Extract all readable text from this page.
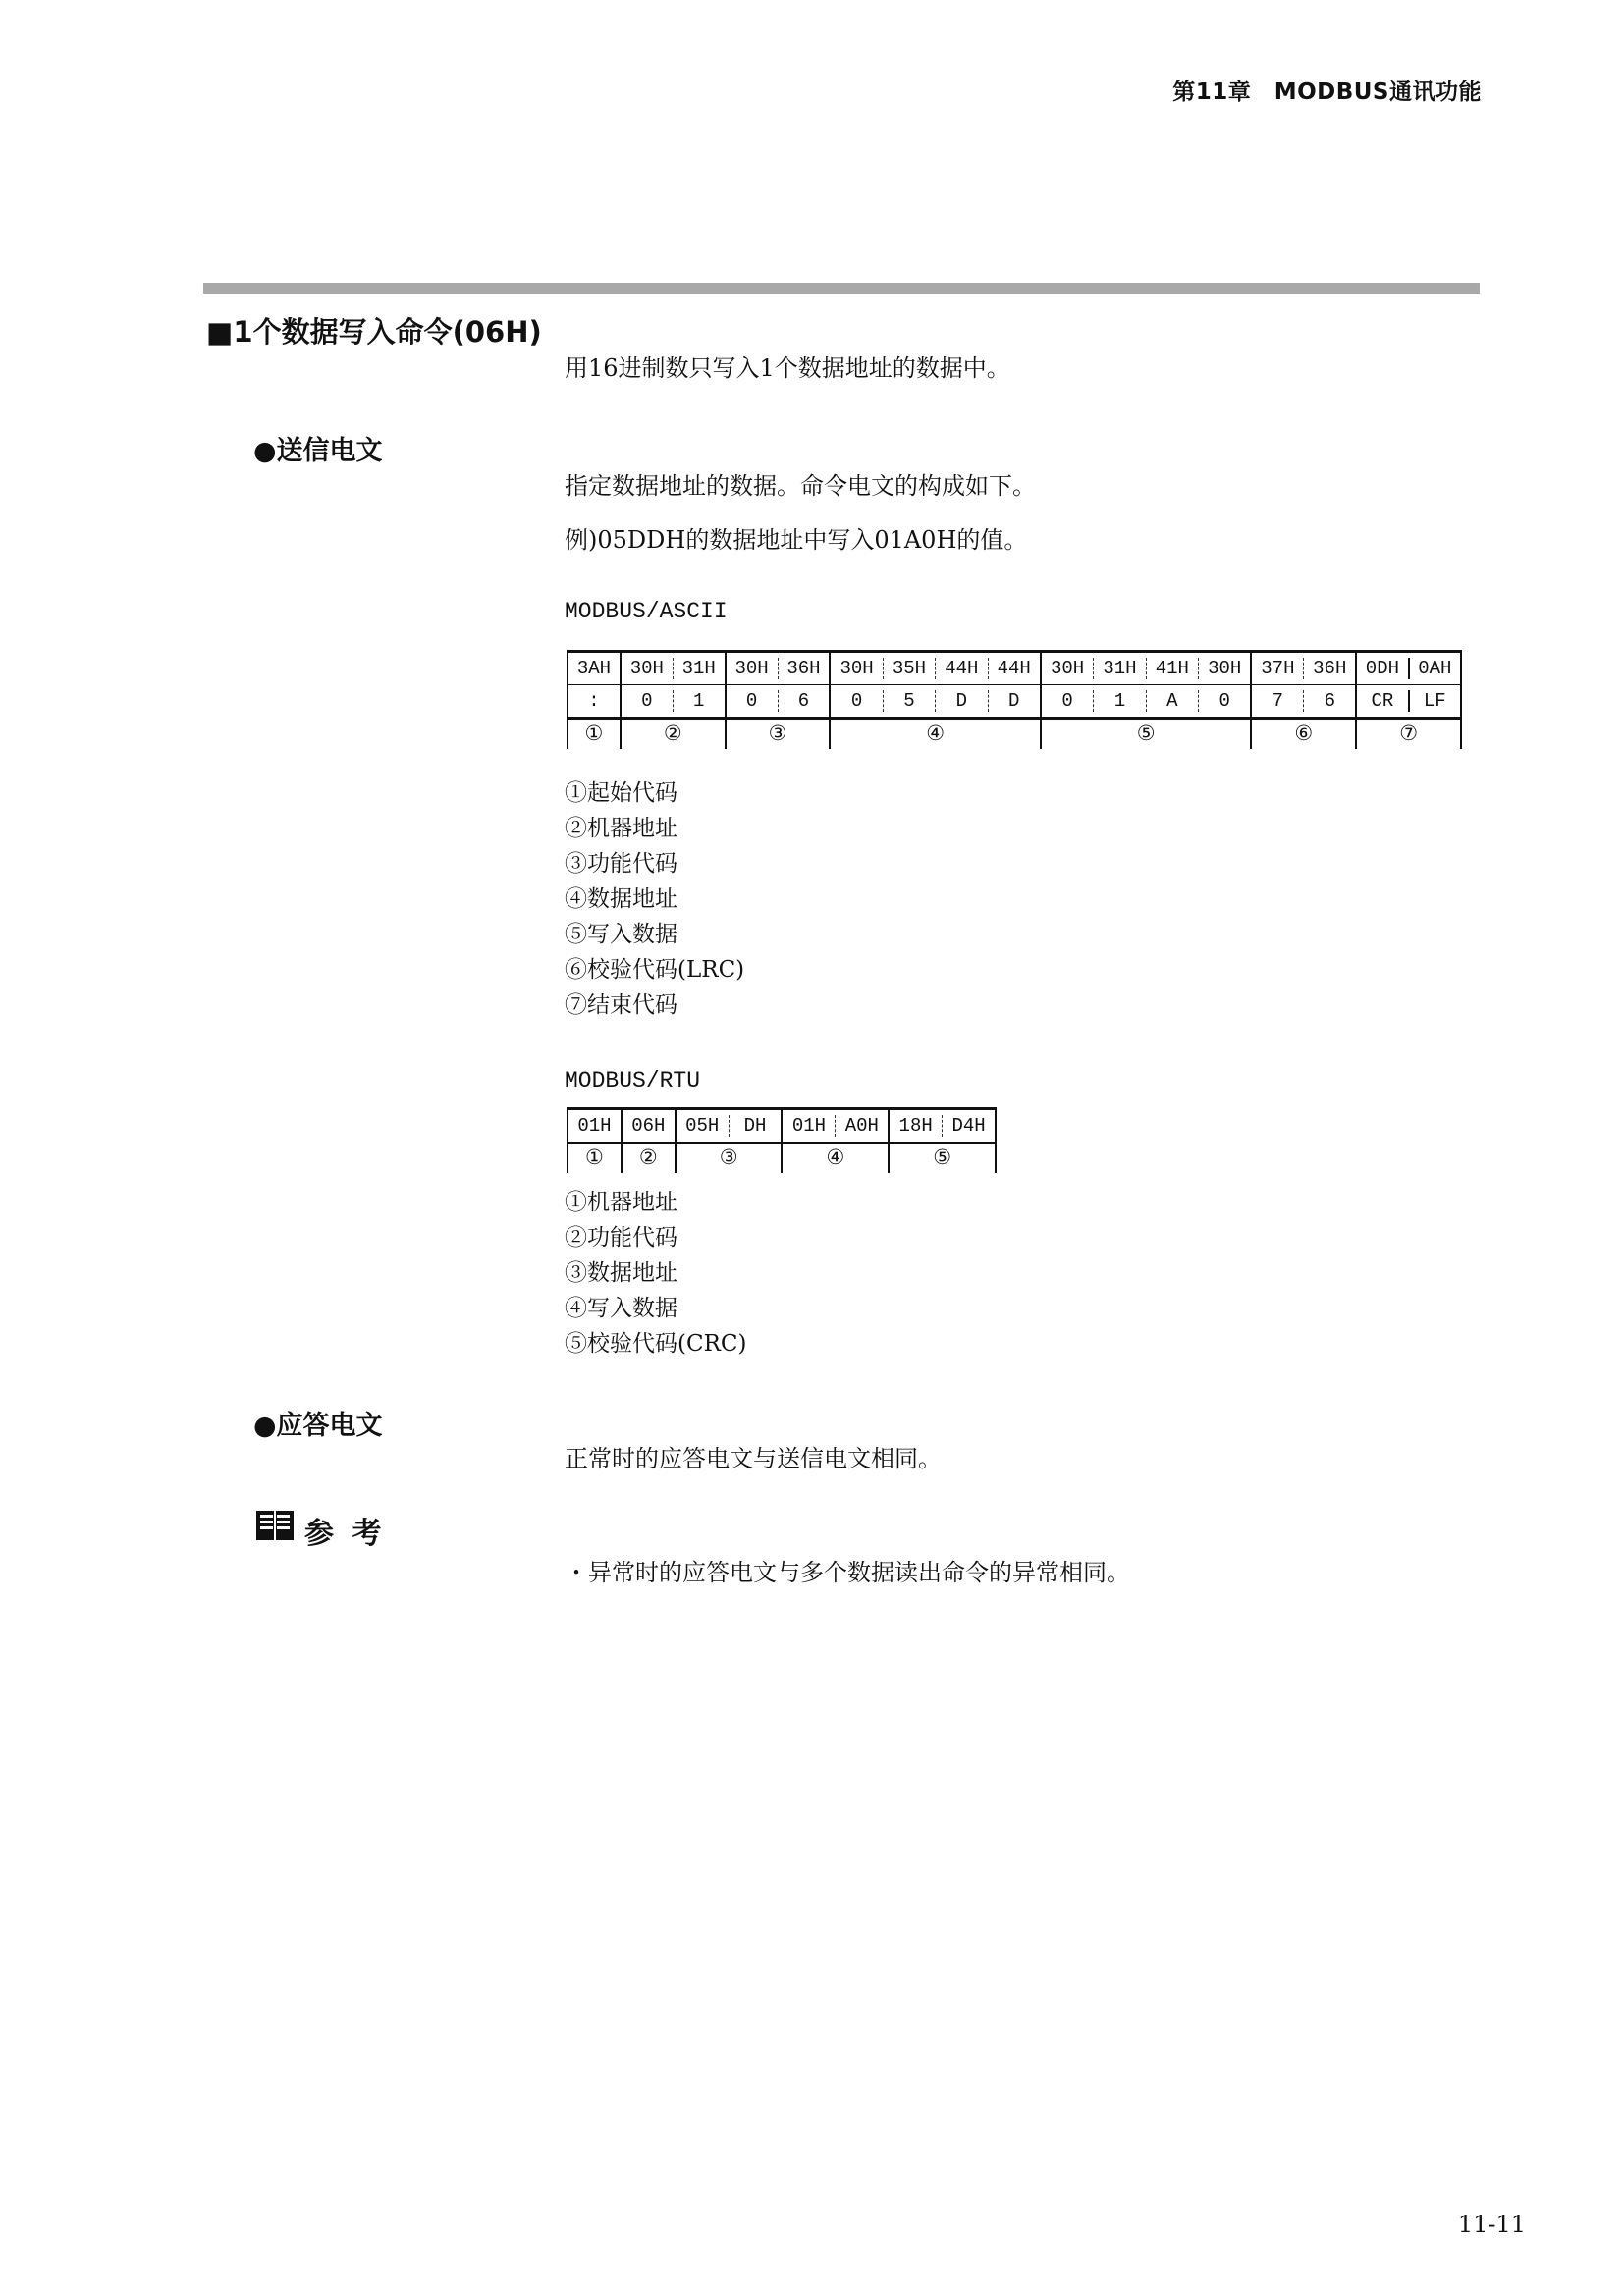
第11章　MODBUS通讯功能
■1个数据写入命令(06H)
用16进制数只写入1个数据地址的数据中。
●送信电文
指定数据地址的数据。命令电文的构成如下。
例)05DDH的数据地址中写入01A0H的值。
MODBUS/ASCII
3AH	30H 31H	30H 36H	30H 35H 44H 44H	30H 31H 41H 30H	37H 36H	0DH 0AH

:	0 1	0 6	0 5 D D	0 1 A 0	7 6	CR LF

①	②	③	④	⑤	⑥	⑦
①起始代码
②机器地址
③功能代码
④数据地址
⑤写入数据
⑥校验代码(LRC)
⑦结束代码
MODBUS/RTU
01H	06H	05H DH	01H A0H	18H D4H

①	②	③	④	⑤
①机器地址
②功能代码
③数据地址
④写入数据
⑤校验代码(CRC)
●应答电文
正常时的应答电文与送信电文相同。
参 考
・异常时的应答电文与多个数据读出命令的异常相同。
11-11
